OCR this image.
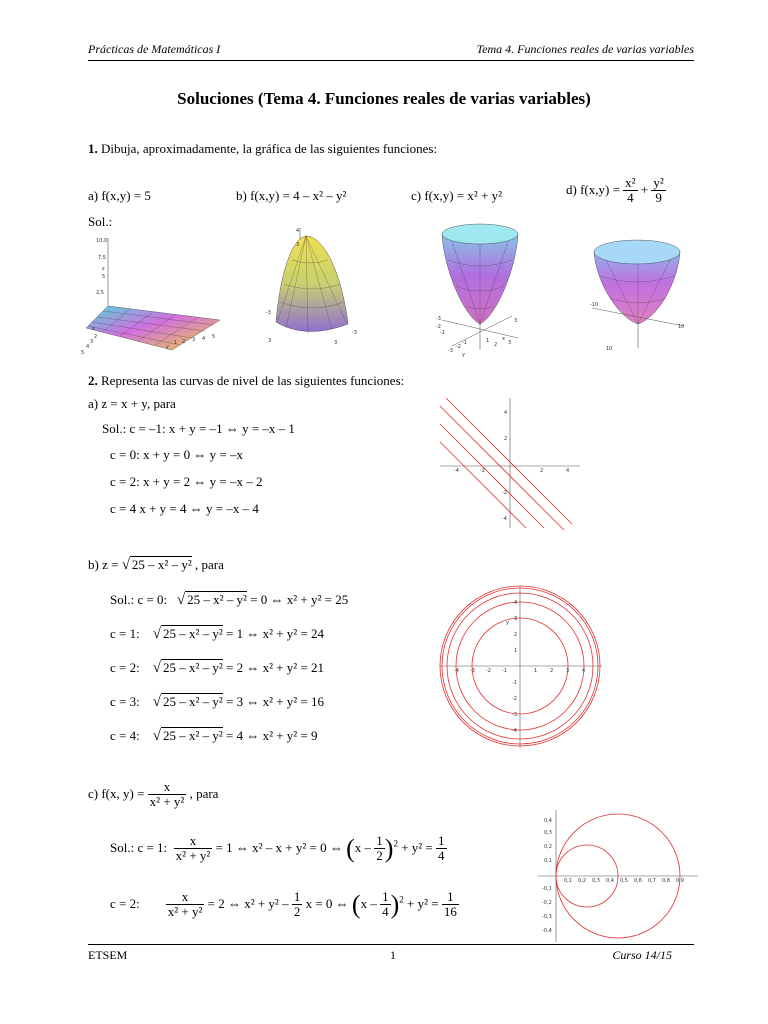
Prácticas de Matemáticas I	Tema 4. Funciones reales de varias variables
Soluciones (Tema 4. Funciones reales de varias variables)
1. Dibuja, aproximadamente, la gráfica de las siguientes funciones:
a) f(x,y) = 5	b) f(x,y) = 4 – x² – y²	c) f(x,y) = x² + y²	d) $f(x,y) = \frac{\text{x²}}{4} + \frac{\text{y²}}{9}$
Sol.:
10,0
7,5
z
5
2,5
x
2
3
4
5
y
1 2 3 4 5
4
3
-3
3
-3
3
-3
-2
-1
3
-3
-2
-1	1	x
y
2 3
-10
10
10
2. Representa las curvas de nivel de las siguientes funciones:
a) z = x + y, para
Sol.: c = –1: x + y = –1 ⇔ y = –x – 1
c = 0: x + y = 0 ⇔ y = –x
c = 2: x + y = 2 ⇔ y = –x – 2
c = 4 x + y = 4 ⇔ y = –x – 4
4
2
-2
-4
-4	-2	2	4
b) z = √ 25 – x² – y² , para
Sol.: c = 0: √ 25 – x² – y² = 0 ⇔ x² + y² = 25
c = 1: √ 25 – x² – y² = 1 ⇔ x² + y² = 24
c = 2: √ 25 – x² – y² = 2 ⇔ x² + y² = 21
c = 3: √ 25 – x² – y² = 3 ⇔ x² + y² = 16
c = 4: √ 25 – x² – y² = 4 ⇔ x² + y² = 9
4
3
2
1
-1
-2
-3
-4
y
-4 -3 -2 -1	1	2	3	4
c) f(x, $y) = \frac{x}{\text{x² + y²}}$ , para
Sol.: c = 1: $\frac{x}{\text{x² + y²}} = 1$ ⇔ x² – x + y² = 0 ⇔ $(x - \frac{1}{2} )^2 + y^2 = \frac{1}{4}$
c = 2: $\frac{x}{\text{x² + y²}} = 2$ ⇔ $x^2 + y^2 - \frac{1}{2}$ x = 0 ⇔ $(x - \frac{1}{4} )^2 + y^2 = \frac{1}{16}$
0,4
0,3
0,2
0,1
-0,1
-0,2
-0,3
-0,4
0,1 0,2 0,3 0,4 0,5 0,6 0,7 0,8 0,9
ETSEM	1	Curso 14/15
